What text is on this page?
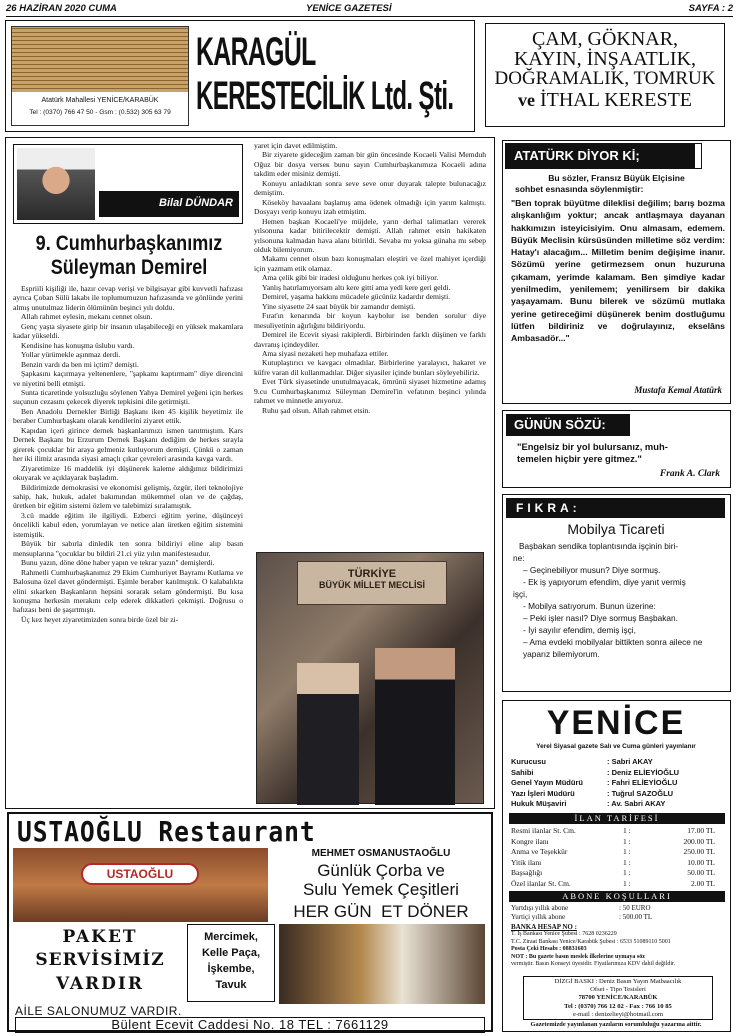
26 HAZİRAN 2020 CUMA	YENİCE GAZETESİ	SAYFA : 2
Atatürk Mahallesi YENİCE/KARABÜK
Tel : (0370) 766 47 50 - Gsm : (0.532) 305 63 79
KARAGÜL
KERESTECİLİK Ltd. Şti.
ÇAM, GÖKNAR,
KAYIN, İNŞAATLIK,
DOĞRAMALIK, TOMRUK
ve İTHAL KERESTE
Bilal DÜNDAR
9. Cumhurbaşkanımız
Süleyman Demirel

Espriili kişiliği ile, hazır cevap verişi ve bilgisayar gibi kuvvetli hafızası ayrıca Çoban Sülü lakabı ile toplumumuzun hafızasında ve gönlünde yerini almış unutulmaz liderin ölümünün beşinci yılı doldu.

Allah rahmet eylesin, mekanı cennet olsun.

Genç yaşta siyasete girip bir insanın ulaşabileceği en yüksek makamlara kadar yükseldi.

Kendisine has konuşma üslubu vardı.

Yollar yürümekle aşınmaz derdi.

Benzin vardı da ben mi içtim? demişti.

Şapkasını kaçırmaya yeltenenlere, "şapkamı kaptırmam" diye direncini ve niyetini belli etmişti.

Sunta ticaretinde yolsuzluğu söylenen Yahya Demirel yeğeni için herkes suçunun cezasını çekecek diyerek tepkisini dile getirmişti.

Ben Anadolu Dernekler Birliği Başkanı iken 45 kişilik heyetimiz ile beraber Cumhurbaşkanı olarak kendilerini ziyaret ettik.

Kapıdan içeri girince dernek başkanlarımızı ismen tanıtmıştım. Kars Dernek Başkanı bu Erzurum Dernek Başkanı dediğim de herkes sırayla girerek çocuklar bir araya gelmeniz kutluyorum demişti. Çünkü o zaman her iki ilimiz arasında siyasi amaçlı çıkar çevreleri arasında kavga vardı.

Ziyaretimize 16 maddelik iyi düşünerek kaleme aldığımız bildirimizi okuyarak ve açıklayarak başladım.

Bildirimizde demokrasisi ve ekonomisi gelişmiş, özgür, ileri teknolojiye sahip, hak, hukuk, adalet bakımından mükemmel olan ve de çağdaş, üretken bir eğitim sistemi özlem ve talebimizi sıralamıştık.

3.cü madde eğitim ile ilgiliydi. Ezberci eğitim yerine, düşünceyi öncelikli kabul eden, yorumlayan ve netice alan üretken eğitim sistemini istemiştik.

Büyük bir sabırla dinledik ten sonra bildiriyi eline alıp basın mensuplarına "çocuklar bu bildiri 21.ci yüz yılın manifestesudur.

Bunu yazın, döne döne haber yapın ve tekrar yazın" demişlerdi.

Rahmetli Cumhurbaşkanımız 29 Ekim Cumhuriyet Bayramı Kutlama ve Balosuna özel davet göndermişti. Eşimle beraber katılmıştık. O kalabalıkta elini sıkarken Başkanların hepsini sorarak selam göndermişti. Bu kısa konuşma herkesin merakını celp ederek dikkatleri çekmişti. Doğrusu o hafızası beni de şaşırtmıştı.

Üç kez heyet ziyaretimizden sonra birde özel bir zi-

yaret için davet edilmiştim.

Bir ziyarete gideceğim zaman bir gün öncesinde Kocaeli Valisi Memduh Oğuz bir dosya verseк bunu sayın Cumhurbaşkanımıza Kocaeli adına takdim eder misiniz demişti.

Konuyu anladıktan sonra seve seve onur duyarak talepte bulunacağız demiştim.

Köseköy havaalanı başlamış ama ödenek olmadığı için yarım kalmıştı. Dosyayı verip konuyu izah etmiştim.

Hemen başkan Kocaeli'ye müjdele, yarın derhal talimatları vererek yılsonuna kadar bitirilecektir demişti. Allah rahmet etsin hakikaten yılsonuna kalmadan hava alanı bitirildi. Sevaba mı yoksa günaha mı sebep olduk bilemiyorum.

Makamı cennet olsun bazı konuşmaları eleştiri ve özel mahiyet içerdiği için yazmam etik olamaz.

Ama çelik gibi bir iradesi olduğunu herkes çok iyi biliyor.

Yanlış hatırlamıyorsam altı kere gitti ama yedi kere geri geldi.

Demirel, yaşama hakkını mücadele gücünüz kadardır demişti.

Yine siyasette 24 saat büyük bir zamandır demişti.

Fırat'ın kenarında bir koyun kaybolur ise benden sorulur diye mesuliyetinin ağırlığını bildiriyordu.

Demirel ile Ecevit siyasi rakiplerdi. Birbirinden farklı düşünen ve farklı davranış içindeydiler.

Ama siyasi nezaketi hep muhafaza ettiler.

Kutuplaştırıcı ve kavgacı olmadılar. Birbirlerine yaralayıcı, hakaret ve küfre varan dil kullanmadılar. Diğer siyasiler içinde bunları söyleyebiliriz.

Evet Türk siyasetinde unutulmayacak, ömrünü siyaset hizmetine adamış 9.cu Cumhurbaşkanımız Süleyman Demirel'in vefatının beşinci yılında rahmet ve minnetle anıyoruz.

Ruhu şad olsun. Allah rahmet etsin.

TÜRKİYE
BÜYÜK MİLLET MECLİSİ
ATATÜRK DİYOR Kİ;
Bu sözler, Fransız Büyük Elçisine
sohbet esnasında söylenmiştir:
"Ben toprak büyütme dileklisi değilim; barış bozma alışkanlığım yoktur; ancak antlaşmaya dayanan hakkımızın isteyicisiyim. Onu almasam, edemem. Büyük Meclisin kürsüsünden milletime söz verdim: Hatay'ı alacağım... Milletim benim değişime inanır. Sözümü yerine getirmezsem onun huzuruna çıkamam, yerimde kalamam. Ben şimdiye kadar yenilmedim, yenilemem; yenilirsem bir dakika yaşayamam. Bunu bilerek ve sözümü mutlaka yerine getireceğimi düşünerek benim dostluğumu lütfen bildiriniz ve doğrulayınız, ekselâns Ambasadör..."
Mustafa Kemal Atatürk
GÜNÜN SÖZÜ:
"Engelsiz bir yol bulursanız, muh-
temelen hiçbir yere gitmez."
Frank A. Clark
FIKRA:
Mobilya Ticareti
Başbakan sendika toplantısında işçinin biri-
ne:
– Geçinebiliyor musun? Diye sormuş.
- Ek iş yapıyorum efendim, diye yanıt vermiş
işçi,
- Mobilya satıyorum. Bunun üzerine:
– Peki işler nasıl? Diye sormuş Başbakan.
- İyi sayılır efendim, demiş işçi,
– Ama evdeki mobilyalar bittikten sonra ailece ne yaparız bilemiyorum.
YENİCE
Yerel Siyasal gazete Salı ve Cuma günleri yayınlanır
Kurucusu	: Sabri AKAY
Sahibi	: Deniz ELİEYİOĞLU
Genel Yayın Müdürü	: Fahri ELİEYİOĞLU
Yazı İşleri Müdürü	: Tuğrul SAZOĞLU
Hukuk Müşaviri	: Av. Sabri AKAY
İLAN TARİFESİ
Resmi ilanlar St. Cm.	1 :	17.00 TL
Kongre ilanı	1 :	200.00 TL
Anma ve Teşekkür	1 :	250.00 TL
Yitik ilanı	1 :	10.00 TL
Başsağlığı	1 :	50.00 TL
Özel ilanlar St. Cm.	1 :	2.00 TL
ABONE KOŞULLARI
Yurtdışı yıllık abone	: 50 EURO
Yurtiçi yıllık abone	: 500.00 TL
BANKA HESAP NO :
T. İş Bankası Yenice Şubesi : 7628 0236229
T.C. Ziraat Bankası Yenice/Karabük Şubesi : 6533 51089110 5001
Posta Çeki Hesabı : 08831603
NOT : Bu gazete basın meslek ilkelerine uymaya söz
vermiştir. Basın Konseyi üyesidir. Fiyatlarımıza KDV dahil değildir.
DİZGİ BASKI : Deniz Basın Yayın Matbaacılık
Ofset - Tipo Tesisleri
78700 YENİCE/KARABÜK
Tel : (0370) 766 12 02 - Fax : 766 10 85
e-mail : denizelieyi@hotmail.com
Gazetemizde yayınlanan yazıların sorumluluğu yazarına aittir.
USTAOĞLU Restaurant
USTAOĞLU
MEHMET OSMANUSTAOĞLU
Günlük Çorba ve
Sulu Yemek Çeşitleri
HER GÜN  ET DÖNER
PAKET
SERVİSİMİZ
VARDIR
Mercimek,
Kelle Paça,
İşkembe,
Tavuk
AİLE SALONUMUZ VARDIR.
Bülent Ecevit Caddesi No. 18 TEL : 7661129
